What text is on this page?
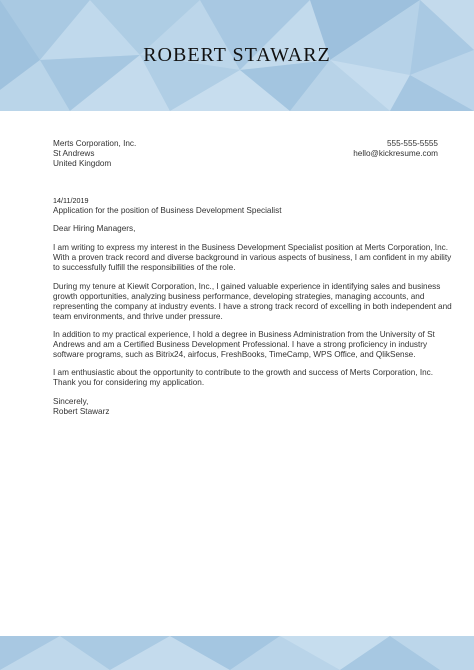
ROBERT STAWARZ
Merts Corporation, Inc.
St Andrews
United Kingdom
555-555-5555
hello@kickresume.com
14/11/2019
Application for the position of Business Development Specialist
Dear Hiring Managers,
I am writing to express my interest in the Business Development Specialist position at Merts Corporation, Inc.
With a proven track record and diverse background in various aspects of business, I am confident in my ability
to successfully fulfill the responsibilities of the role.
During my tenure at Kiewit Corporation, Inc., I gained valuable experience in identifying sales and business
growth opportunities, analyzing business performance, developing strategies, managing accounts, and
representing the company at industry events. I have a strong track record of excelling in both independent and
team environments, and thrive under pressure.
In addition to my practical experience, I hold a degree in Business Administration from the University of St
Andrews and am a Certified Business Development Professional. I have a strong proficiency in industry
software programs, such as Bitrix24, airfocus, FreshBooks, TimeCamp, WPS Office, and QlikSense.
I am enthusiastic about the opportunity to contribute to the growth and success of Merts Corporation, Inc.
Thank you for considering my application.
Sincerely,
Robert Stawarz
